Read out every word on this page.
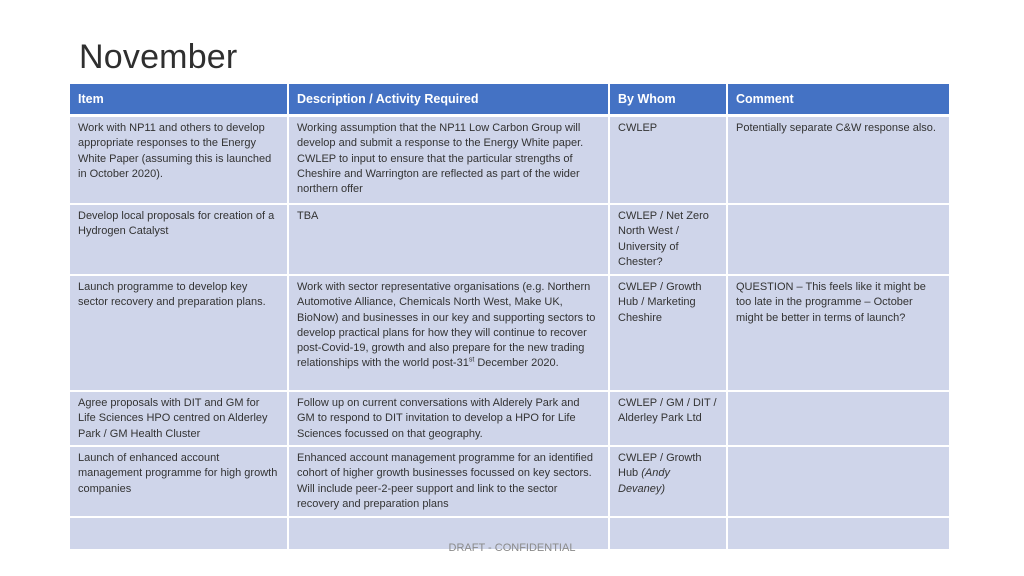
November
Item	Description / Activity Required	By Whom	Comment
Work with NP11 and others to develop appropriate responses to the Energy White Paper (assuming this is launched in October 2020).	Working assumption that the NP11 Low Carbon Group will develop and submit a response to the Energy White paper. CWLEP to input to ensure that the particular strengths of Cheshire and Warrington are reflected as part of the wider northern offer	CWLEP	Potentially separate C&W response also.
Develop local proposals for creation of a Hydrogen Catalyst	TBA	CWLEP / Net Zero North West / University of Chester?	
Launch programme to develop key sector recovery and preparation plans.	Work with sector representative organisations (e.g. Northern Automotive Alliance, Chemicals North West, Make UK, BioNow) and businesses in our key and supporting sectors to develop practical plans for how they will continue to recover post-Covid-19, growth and also prepare for the new trading relationships with the world post-31st December 2020.	CWLEP / Growth Hub / Marketing Cheshire	QUESTION – This feels like it might be too late in the programme – October might be better in terms of launch?
Agree proposals with DIT and GM for Life Sciences HPO centred on Alderley Park / GM Health Cluster	Follow up on current conversations with Alderely Park and GM to respond to DIT invitation to develop a HPO for Life Sciences focussed on that geography.	CWLEP / GM / DIT / Alderley Park Ltd	
Launch of enhanced account management programme for high growth companies	Enhanced account management programme for an identified cohort of higher growth businesses focussed on key sectors. Will include peer-2-peer support and link to the sector recovery and preparation plans	CWLEP / Growth Hub (Andy Devaney)	

DRAFT - CONFIDENTIAL
